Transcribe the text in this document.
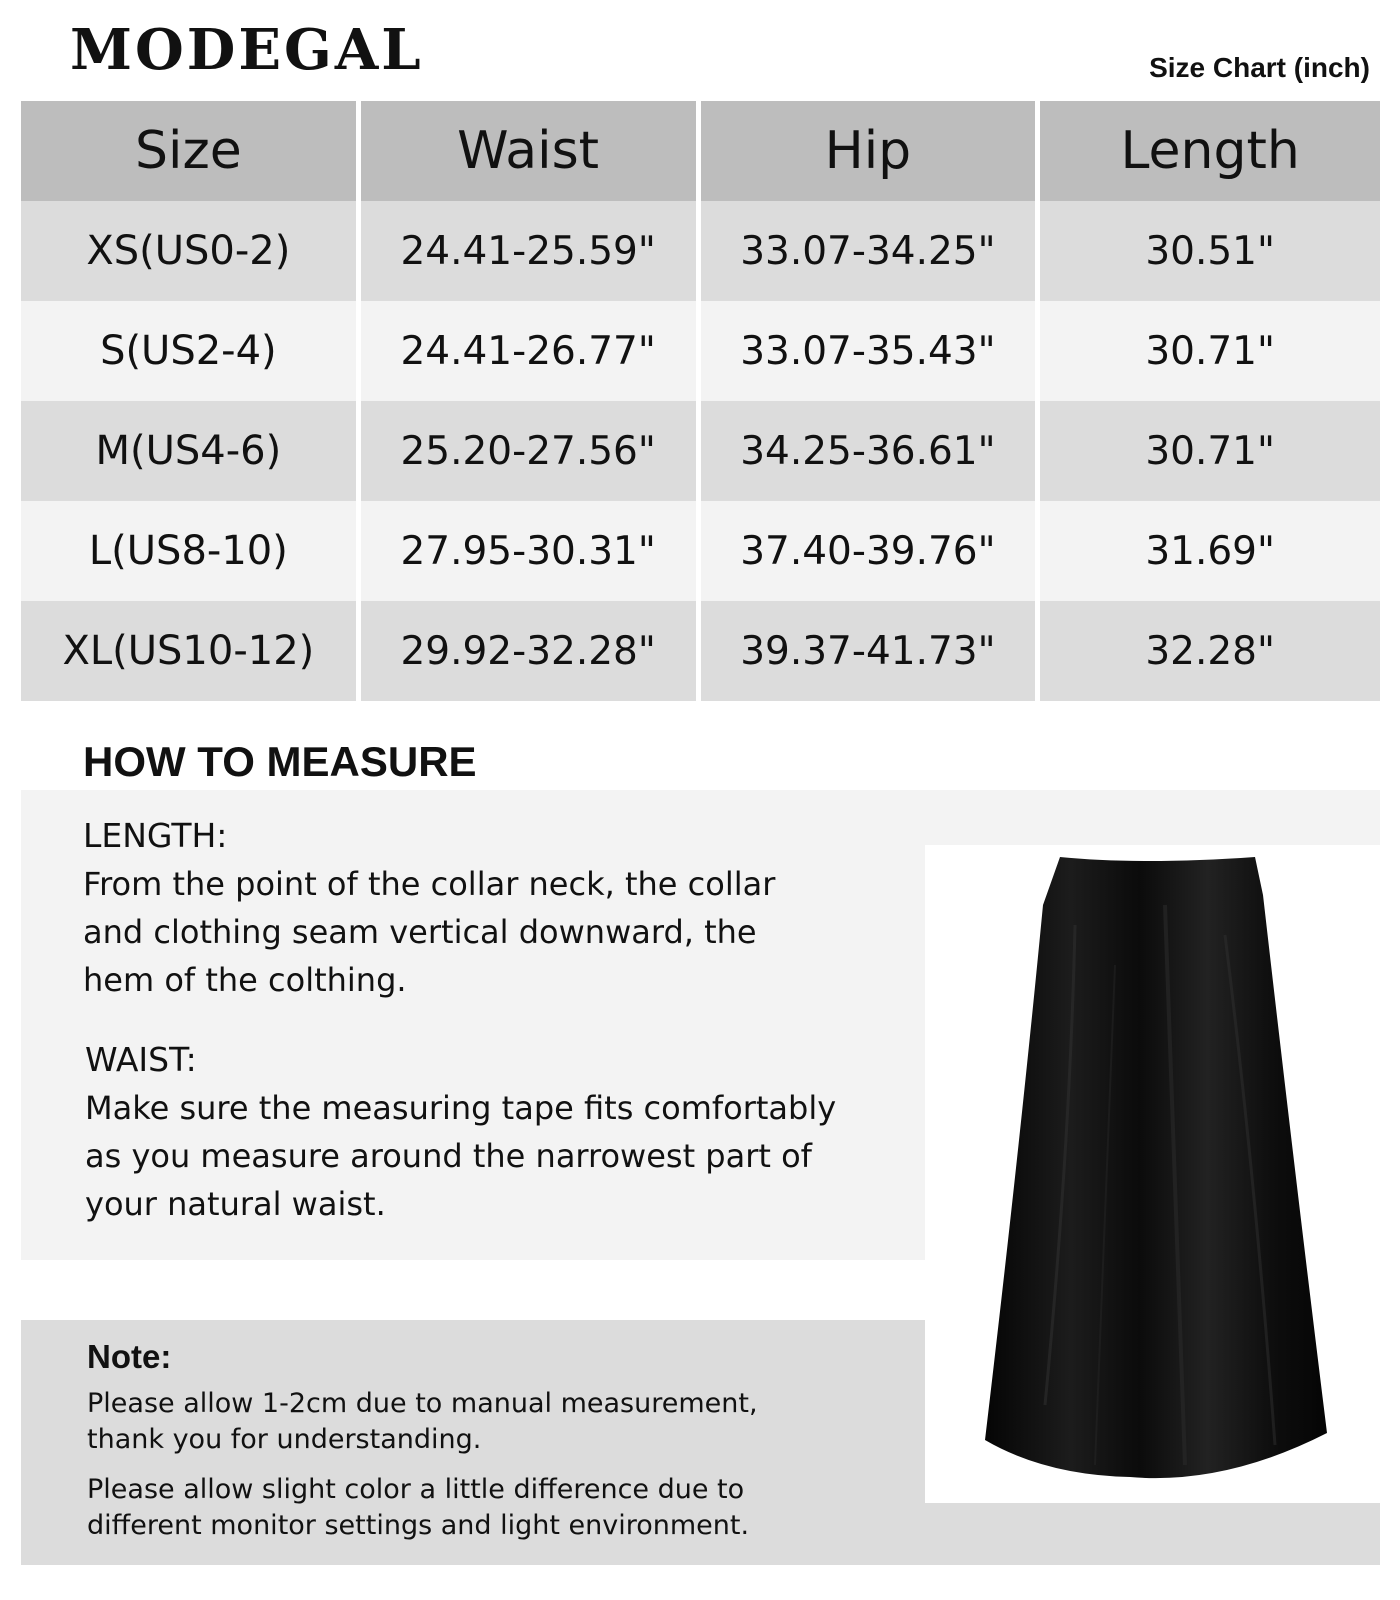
MODEGAL	Size Chart (inch)
Size	Waist	Hip	Length
XS(US0-2)	24.41-25.59"	33.07-34.25"	30.51"
S(US2-4)	24.41-26.77"	33.07-35.43"	30.71"
M(US4-6)	25.20-27.56"	34.25-36.61"	30.71"
L(US8-10)	27.95-30.31"	37.40-39.76"	31.69"
XL(US10-12)	29.92-32.28"	39.37-41.73"	32.28"
HOW TO MEASURE
LENGTH:
From the point of the collar neck, the collar
and clothing seam vertical downward, the
hem of the colthing.
WAIST:
Make sure the measuring tape fits comfortably
as you measure around the narrowest part of
your natural waist.
Note:
Please allow 1-2cm due to manual measurement,
thank you for understanding.
Please allow slight color a little difference due to
different monitor settings and light environment.
